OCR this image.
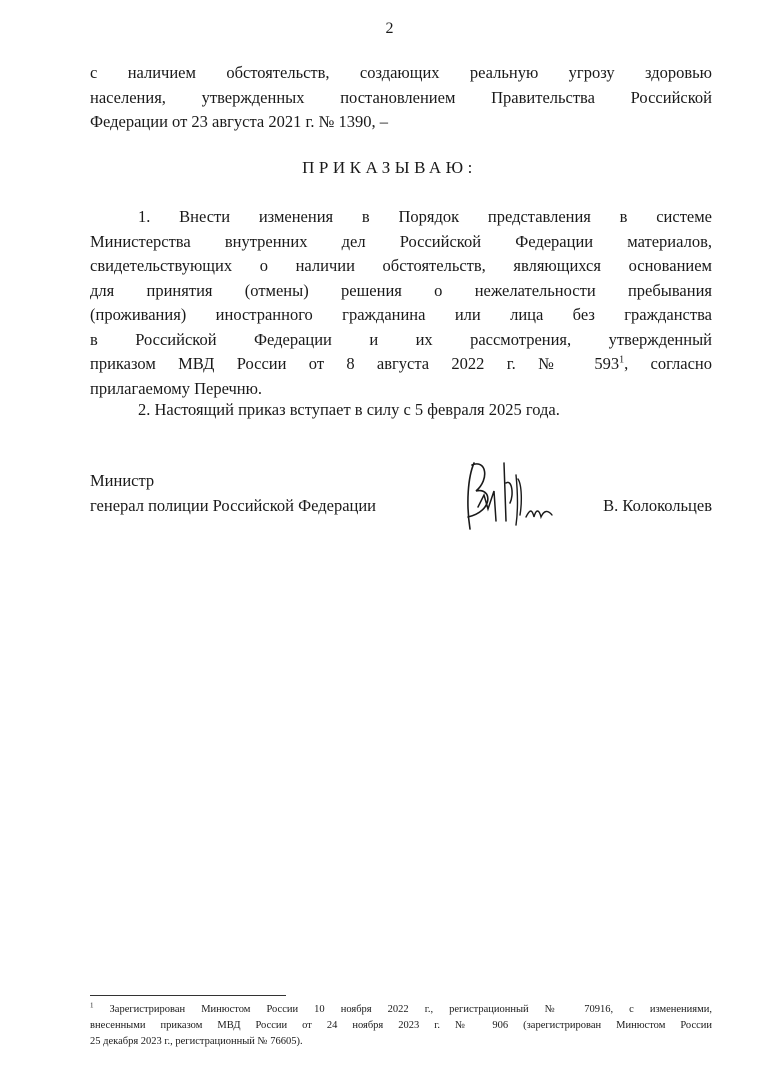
2
с наличием обстоятельств, создающих реальную угрозу здоровью
населения, утвержденных постановлением Правительства Российской
Федерации от 23 августа 2021 г. № 1390, –
ПРИКАЗЫВАЮ:
1. Внести изменения в Порядок представления в системе
Министерства внутренних дел Российской Федерации материалов,
свидетельствующих о наличии обстоятельств, являющихся основанием
для принятия (отмены) решения о нежелательности пребывания
(проживания) иностранного гражданина или лица без гражданства
в Российской Федерации и их рассмотрения, утвержденный
приказом МВД России от 8 августа 2022 г. № $593^1$, согласно
прилагаемому Перечню.
2. Настоящий приказ вступает в силу с 5 февраля 2025 года.
Министр
генерал полиции Российской Федерации	В. Колокольцев
$^1$ Зарегистрирован Минюстом России 10 ноября 2022 г., регистрационный № 70916, с изменениями,
внесенными приказом МВД России от 24 ноября 2023 г. № 906 (зарегистрирован Минюстом России
25 декабря 2023 г., регистрационный № 76605).
